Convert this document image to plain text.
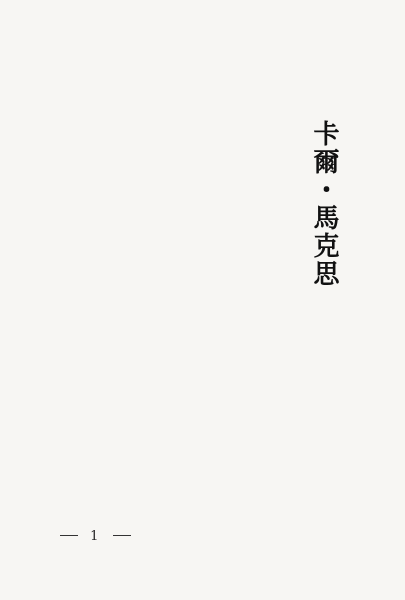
卡爾・馬克思
1
